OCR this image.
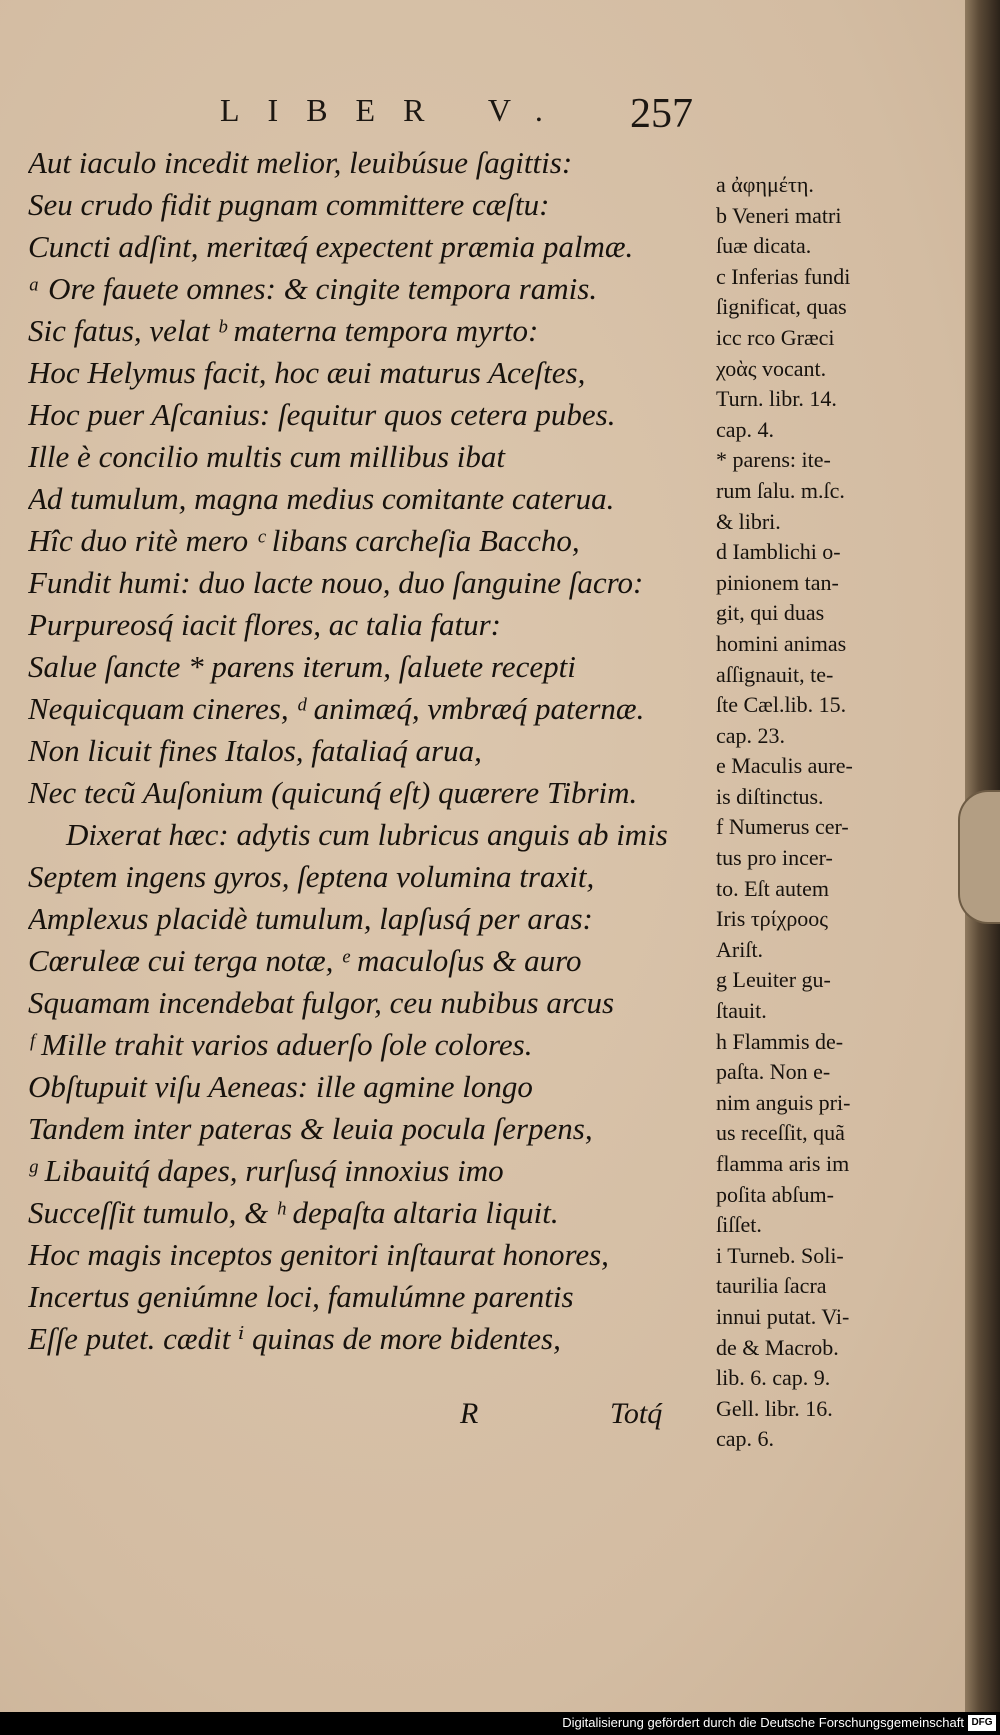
LIBER V. 257
Aut iaculo incedit melior, leuibúsue ſagittis:
Seu crudo fidit pugnam committere cæſtu:
Cuncti adſint, meritæq́ expectent præmia palmæ.
ᵃ Ore fauete omnes: & cingite tempora ramis.
Sic fatus, velat ᵇ materna tempora myrto:
Hoc Helymus facit, hoc æui maturus Aceſtes,
Hoc puer Aſcanius: ſequitur quos cetera pubes.
Ille è concilio multis cum millibus ibat
Ad tumulum, magna medius comitante caterua.
Hîc duo ritè mero ᶜ libans carcheſia Baccho,
Fundit humi: duo lacte nouo, duo ſanguine ſacro:
Purpureosq́ iacit flores, ac talia fatur:
Salue ſancte * parens iterum, ſaluete recepti
Nequicquam cineres, ᵈ animæq́, vmbræq́ paternæ.
Non licuit fines Italos, fataliaq́ arua,
Nec tecũ Auſonium (quicunq́ eſt) quærere Tibrim.
Dixerat hæc: adytis cum lubricus anguis ab imis
Septem ingens gyros, ſeptena volumina traxit,
Amplexus placidè tumulum, lapſusq́ per aras:
Cœruleæ cui terga notæ, ᵉ maculoſus & auro
Squamam incendebat fulgor, ceu nubibus arcus
ᶠ Mille trahit varios aduerſo ſole colores.
Obſtupuit viſu Aeneas: ille agmine longo
Tandem inter pateras & leuia pocula ſerpens,
ᵍ Libauitq́ dapes, rurſusq́ innoxius imo
Succeſſit tumulo, & ʰ depaſta altaria liquit.
Hoc magis inceptos genitori inſtaurat honores,
Incertus geniúmne loci, famulúmne parentis
Eſſe putet. cædit ⁱ quinas de more bidentes,
a ἀφημέτη.
b Veneri matri
ſuæ dicata.
c Inferias fundi
ſignificat, quas
icc rco Græci
χοὰς vocant.
Turn. libr. 14.
cap. 4.
* parens: ite-
rum ſalu. m.ſc.
& libri.
d Iamblichi o-
pinionem tan-
git, qui duas
homini animas
aſſignauit, te-
ſte Cæl.lib. 15.
cap. 23.
e Maculis aure-
is diſtinctus.
f Numerus cer-
tus pro incer-
to. Eſt autem
Iris τρίχροος
Ariſt.
g Leuiter gu-
ſtauit.
h Flammis de-
paſta. Non e-
nim anguis pri-
us receſſit, quã
flamma aris im
poſita abſum-
ſiſſet.
i Turneb. Soli-
taurilia ſacra
innui putat. Vi-
de & Macrob.
lib. 6. cap. 9.
Gell. libr. 16.
cap. 6.
R	Totq́
Digitalisierung gefördert durch die Deutsche Forschungsgemeinschaft DFG
